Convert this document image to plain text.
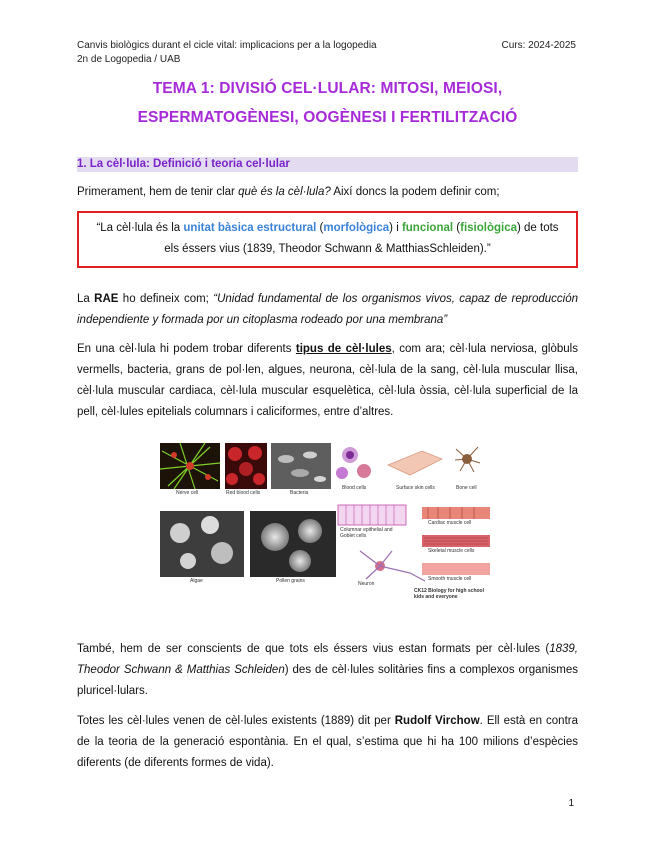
Canvis biològics durant el cicle vital: implicacions per a la logopedia
2n de Logopedia / UAB
Curs: 2024-2025
TEMA 1: DIVISIÓ CEL·LULAR: MITOSI, MEIOSI,
ESPERMATOGÈNESI, OOGÈNESI I FERTILITZACIÓ
1. La cèl·lula: Definició i teoria cel·lular
Primerament, hem de tenir clar què és la cèl·lula? Així doncs la podem definir com;
“La cèl·lula és la unitat bàsica estructural (morfològica) i funcional (fisiològica) de tots els éssers vius (1839, Theodor Schwann & MatthiasSchleiden).”
La RAE ho defineix com; “Unidad fundamental de los organismos vivos, capaz de reproducción independiente y formada por un citoplasma rodeado por una membrana”
En una cèl·lula hi podem trobar diferents tipus de cèl·lules, com ara; cèl·lula nerviosa, glòbuls vermells, bacteria, grans de pol·len, algues, neurona, cèl·lula de la sang, cèl·lula muscular llisa, cèl·lula muscular cardiaca, cèl·lula muscular esquelètica, cèl·lula òssia, cèl·lula superficial de la pell, cèl·lules epitelials columnars i caliciformes, entre d’altres.
Nerve cell	Red blood cells	Bacteria
Blood cells	Surface skin cells	Bone cell
Algae	Pollen grains
Columnar epithelial and Goblet cells
Neuron
Cardiac muscle cell
Skeletal muscle cells
Smooth muscle cell
CK12 Biology for high school kids and everyone
També, hem de ser conscients de que tots els éssers vius estan formats per cèl·lules (1839, Theodor Schwann & Matthias Schleiden) des de cèl·lules solitàries fins a complexos organismes pluricel·lulars.
Totes les cèl·lules venen de cèl·lules existents (1889) dit per Rudolf Virchow. Ell està en contra de la teoria de la generació espontània. En el qual, s’estima que hi ha 100 milions d’espècies diferents (de diferents formes de vida).
1
